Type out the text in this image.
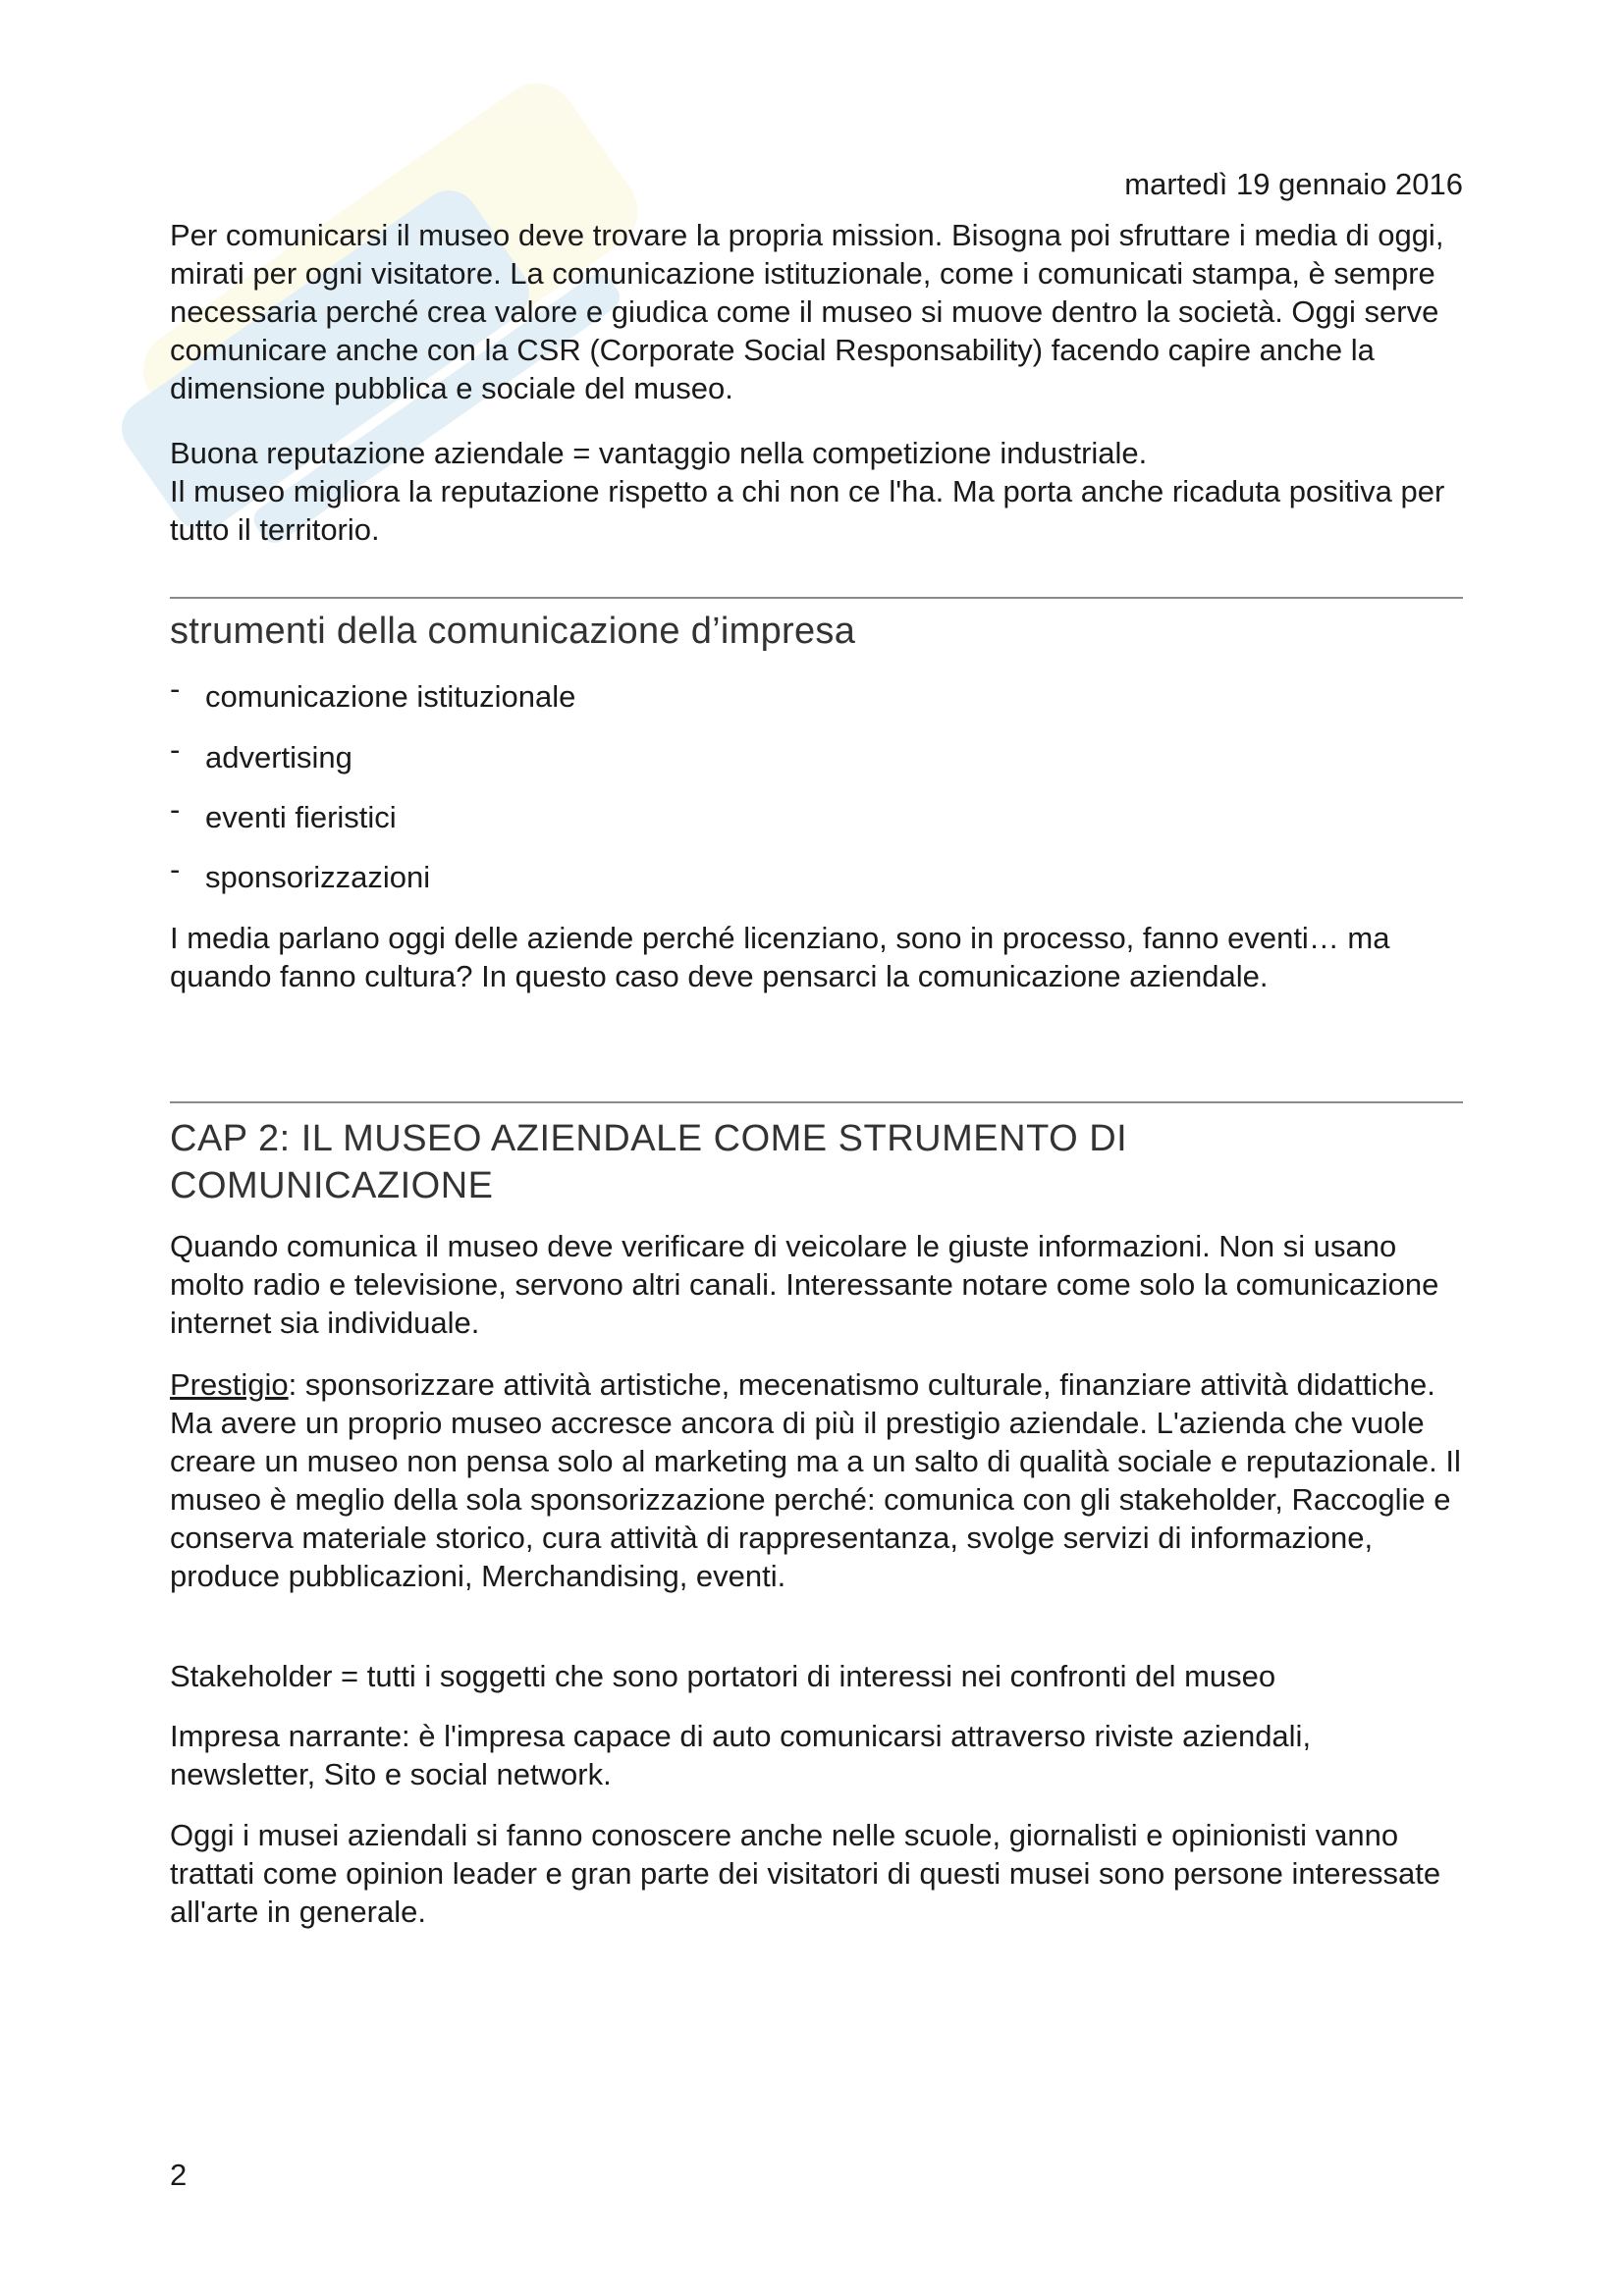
martedì 19 gennaio 2016

Per comunicarsi il museo deve trovare la propria mission. Bisogna poi sfruttare i media di oggi, mirati per ogni visitatore. La comunicazione istituzionale, come i comunicati stampa, è sempre necessaria perché crea valore e giudica come il museo si muove dentro la società. Oggi serve comunicare anche con la CSR (Corporate Social Responsability) facendo capire anche la dimensione pubblica e sociale del museo.

Buona reputazione aziendale = vantaggio nella competizione industriale.

Il museo migliora la reputazione rispetto a chi non ce l'ha. Ma porta anche ricaduta positiva per tutto il territorio.

strumenti della comunicazione d’impresa
- comunicazione istituzionale
- advertising
- eventi fieristici
- sponsorizzazioni

I media parlano oggi delle aziende perché licenziano, sono in processo, fanno eventi… ma quando fanno cultura? In questo caso deve pensarci la comunicazione aziendale.

CAP 2: IL MUSEO AZIENDALE COME STRUMENTO DI COMUNICAZIONE

Quando comunica il museo deve verificare di veicolare le giuste informazioni. Non si usano molto radio e televisione, servono altri canali. Interessante notare come solo la comunicazione internet sia individuale.

Prestigio: sponsorizzare attività artistiche, mecenatismo culturale, finanziare attività didattiche. Ma avere un proprio museo accresce ancora di più il prestigio aziendale. L'azienda che vuole creare un museo non pensa solo al marketing ma a un salto di qualità sociale e reputazionale. Il museo è meglio della sola sponsorizzazione perché: comunica con gli stakeholder, Raccoglie e conserva materiale storico, cura attività di rappresentanza, svolge servizi di informazione, produce pubblicazioni, Merchandising, eventi.

Stakeholder = tutti i soggetti che sono portatori di interessi nei confronti del museo

Impresa narrante: è l'impresa capace di auto comunicarsi attraverso riviste aziendali, newsletter, Sito e social network.

Oggi i musei aziendali si fanno conoscere anche nelle scuole, giornalisti e opinionisti vanno trattati come opinion leader e gran parte dei visitatori di questi musei sono persone interessate all'arte in generale.

2
